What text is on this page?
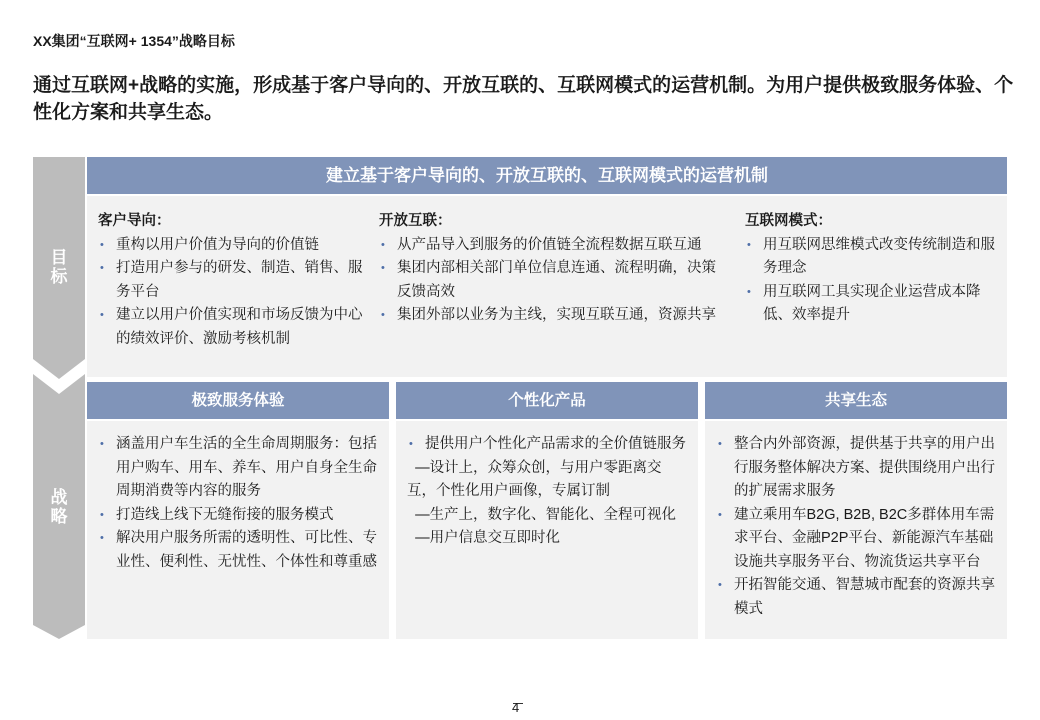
XX集团“互联网+ 1354”战略目标
通过互联网+战略的实施，形成基于客户导向的、开放互联的、互联网模式的运营机制。为用户提供极致服务体验、个性化方案和共享生态。
目
标
战
略
建立基于客户导向的、开放互联的、互联网模式的运营机制
客户导向：
• 重构以用户价值为导向的价值链
• 打造用户参与的研发、制造、销售、服务平台
• 建立以用户价值实现和市场反馈为中心的绩效评价、激励考核机制
开放互联：
• 从产品导入到服务的价值链全流程数据互联互通
• 集团内部相关部门单位信息连通、流程明确，决策反馈高效
• 集团外部以业务为主线，实现互联互通，资源共享
互联网模式：
• 用互联网思维模式改变传统制造和服务理念
• 用互联网工具实现企业运营成本降低、效率提升
极致服务体验	个性化产品	共享生态
• 涵盖用户车生活的全生命周期服务：包括用户购车、用车、养车、用户自身全生命周期消费等内容的服务
• 打造线上线下无缝衔接的服务模式
• 解决用户服务所需的透明性、可比性、专业性、便利性、无忧性、个体性和尊重感
• 提供用户个性化产品需求的全价值链服务
—设计上，众筹众创，与用户零距离交互，个性化用户画像，专属订制
—生产上，数字化、智能化、全程可视化
—用户信息交互即时化
• 整合内外部资源，提供基于共享的用户出行服务整体解决方案、提供围绕用户出行的扩展需求服务
• 建立乘用车B2G, B2B, B2C多群体用车需求平台、金融P2P平台、新能源汽车基础设施共享服务平台、物流货运共享平台
• 开拓智能交通、智慧城市配套的资源共享模式
4
